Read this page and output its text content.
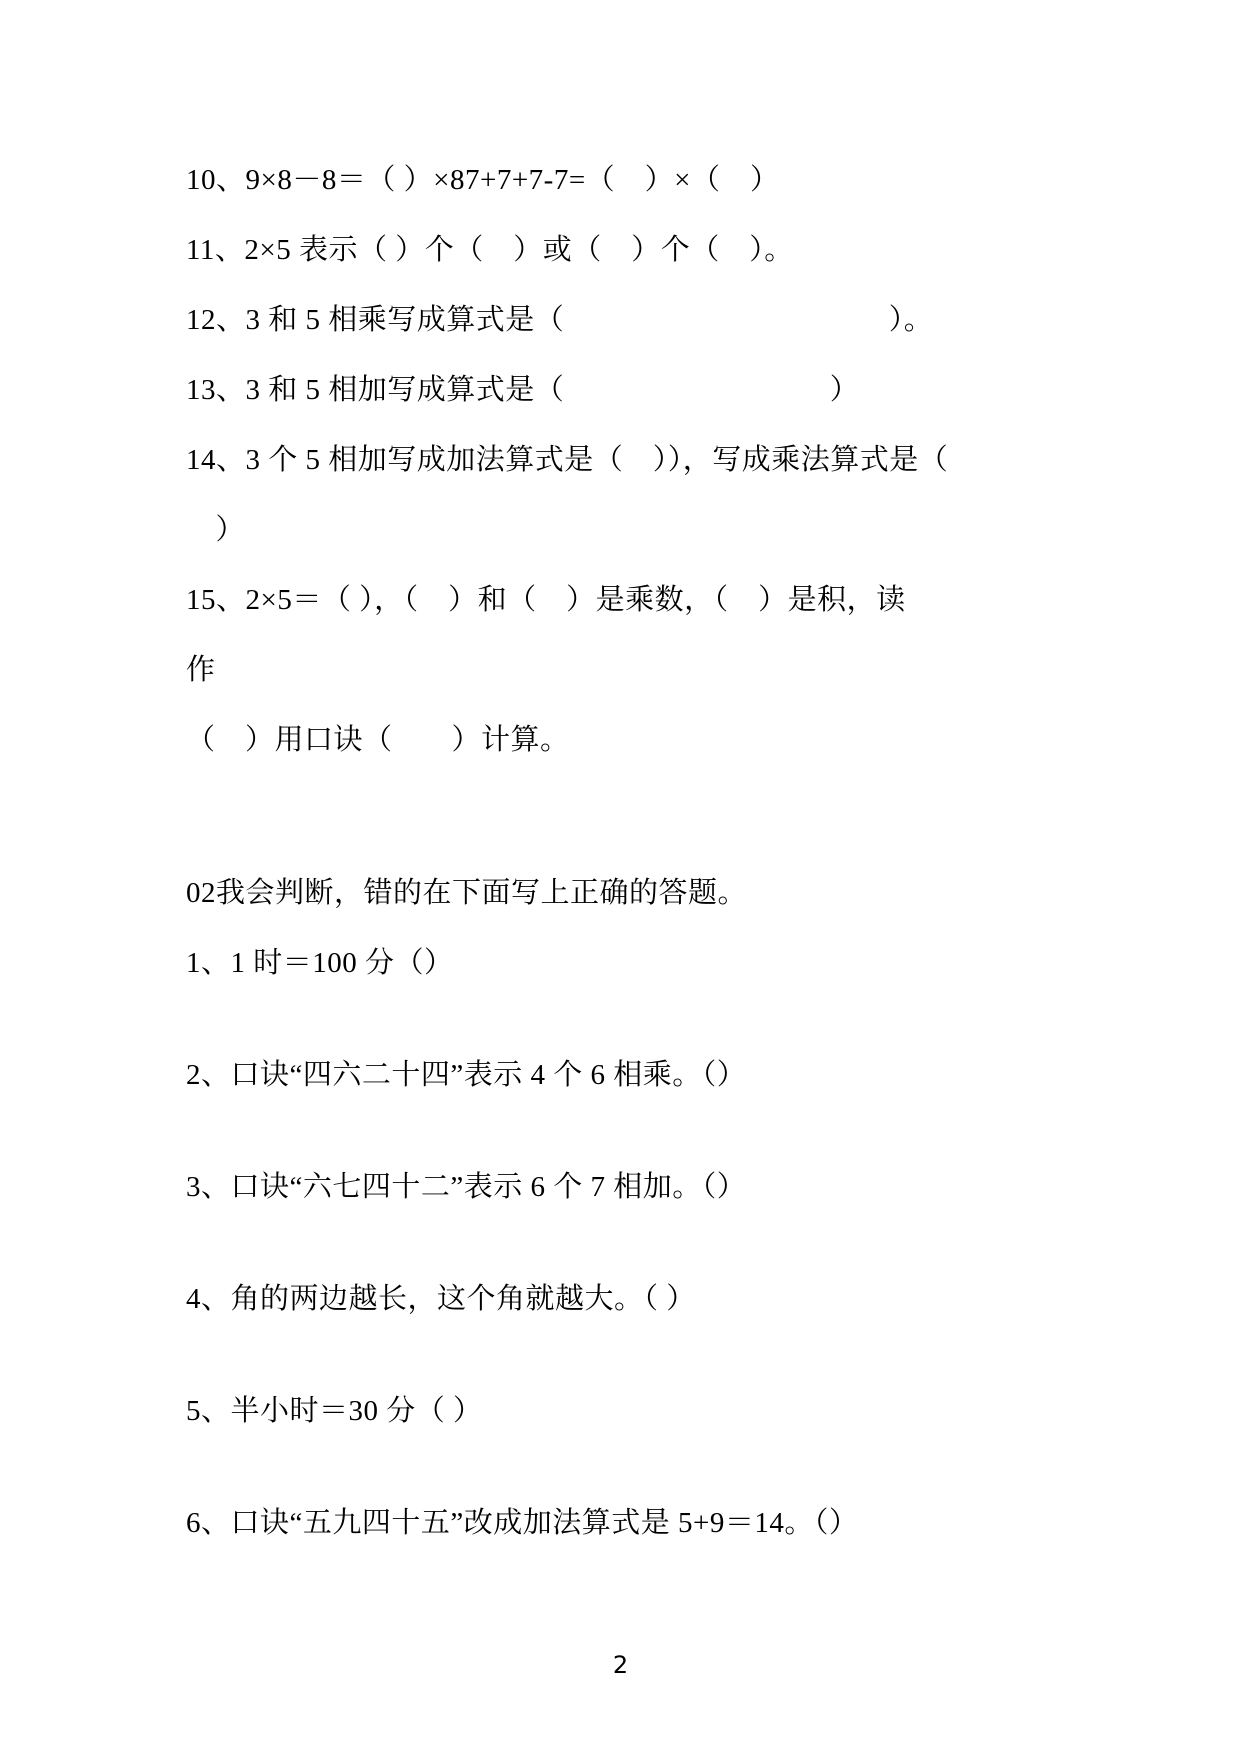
10、9×8－8＝（ ）×87+7+7-7=（　）×（　）
11、2×5 表示（ ）个（　）或（　）个（　）。
12、3 和 5 相乘写成算式是（　　　　　　　　　　　）。
13、3 和 5 相加写成算式是（　　　　　　　　　）
14、3 个 5 相加写成加法算式是（　）），写成乘法算式是（
　）
15、2×5＝（ ），（　）和（　）是乘数，（　）是积，读
作
（　）用口诀（　　）计算。
02我会判断，错的在下面写上正确的答题。
1、1 时＝100 分（）
2、口诀“四六二十四”表示 4 个 6 相乘。（）
3、口诀“六七四十二”表示 6 个 7 相加。（）
4、角的两边越长，这个角就越大。（ ）
5、半小时＝30 分（ ）
6、口诀“五九四十五”改成加法算式是 5+9＝14。（）
2
